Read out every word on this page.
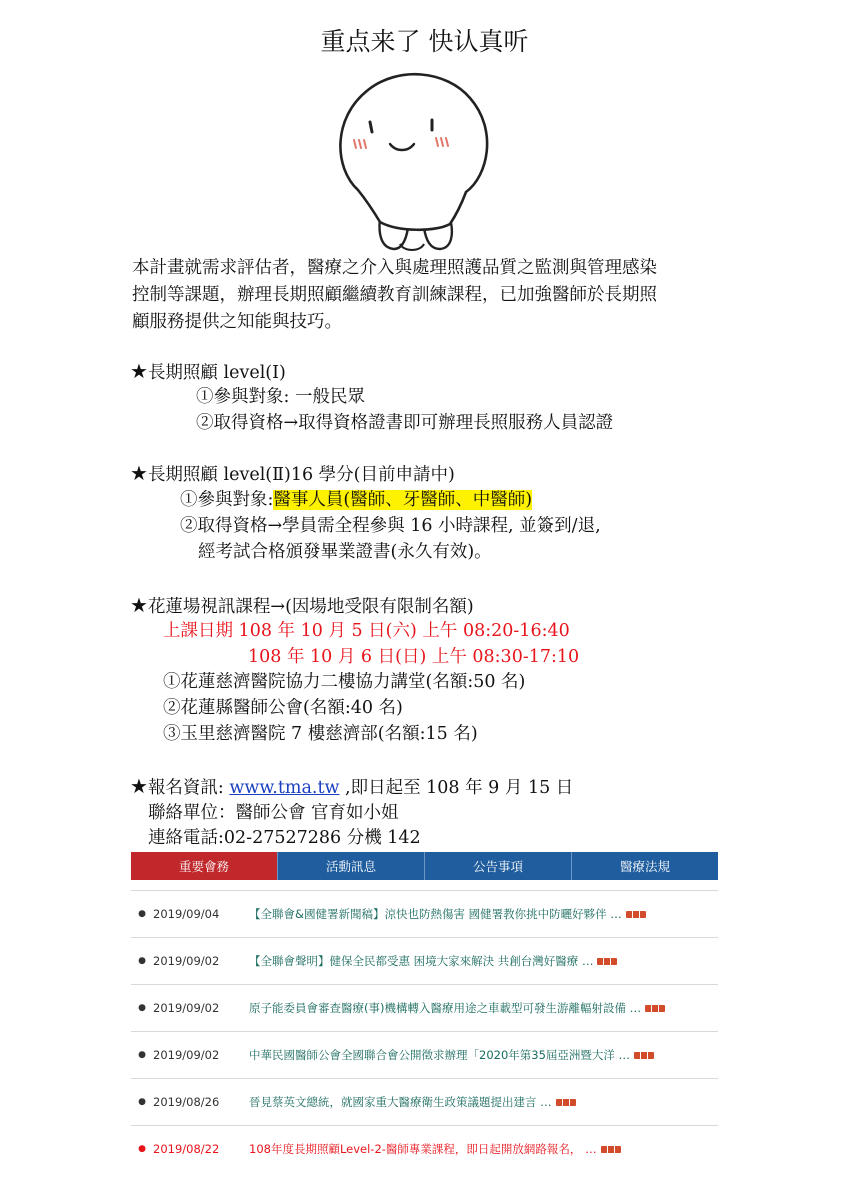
重点来了 快认真听
本計畫就需求評估者，醫療之介入與處理照護品質之監測與管理感染
控制等課題，辦理長期照顧繼續教育訓練課程，已加強醫師於長期照
顧服務提供之知能與技巧。
★長期照顧 level(Ⅰ)
①參與對象: 一般民眾
②取得資格→取得資格證書即可辦理長照服務人員認證
★長期照顧 level(Ⅱ)16 學分(目前申請中)
①參與對象:醫事人員(醫師、牙醫師、中醫師)
②取得資格→學員需全程參與 16 小時課程, 並簽到/退,
經考試合格頒發畢業證書(永久有效)。
★花蓮場視訊課程→(因場地受限有限制名額)
上課日期 108 年 10 月 5 日(六) 上午 08:20-16:40
108 年 10 月 6 日(日) 上午 08:30-17:10
①花蓮慈濟醫院協力二樓協力講堂(名額:50 名)
②花蓮縣醫師公會(名額:40 名)
③玉里慈濟醫院 7 樓慈濟部(名額:15 名)
★報名資訊: www.tma.tw ,即日起至 108 年 9 月 15 日
聯絡單位：醫師公會 官育如小姐
連絡電話:02-27527286 分機 142
重要會務	活動訊息	公告事項	醫療法規
● 2019/09/04	【全聯會&國健署新聞稿】涼快也防熱傷害 國健署教你挑中防曬好夥伴 …
● 2019/09/02	【全聯會聲明】健保全民都受惠 困境大家來解決 共創台灣好醫療 …
● 2019/09/02	原子能委員會審查醫療(事)機構轉入醫療用途之車載型可發生游離輻射設備 …
● 2019/09/02	中華民國醫師公會全國聯合會公開徵求辦理「2020年第35屆亞洲暨大洋 …
● 2019/08/26	晉見蔡英文總統，就國家重大醫療衛生政策議題提出建言 …
● 2019/08/22	108年度長期照顧Level-2-醫師專業課程，即日起開放網路報名， …
